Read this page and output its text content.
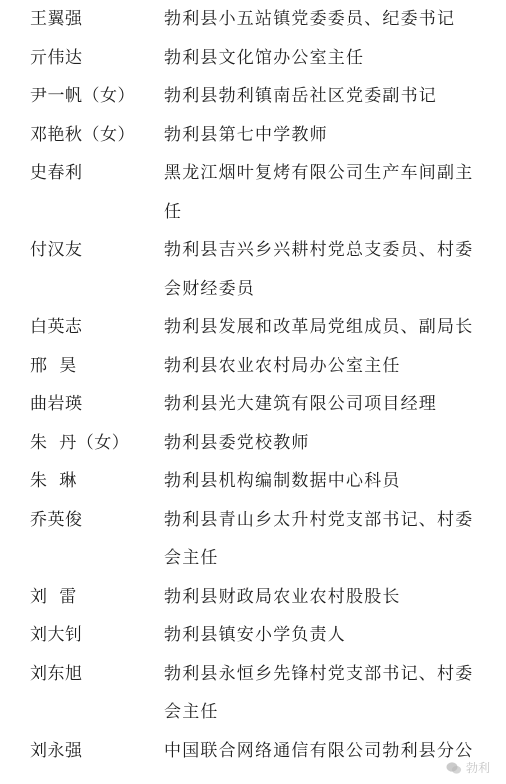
王翼强	勃利县小五站镇党委委员、纪委书记
亓伟达	勃利县文化馆办公室主任
尹一帆（女） 勃利县勃利镇南岳社区党委副书记
邓艳秋（女） 勃利县第七中学教师
史春利	黑龙江烟叶复烤有限公司生产车间副主任
付汉友	勃利县吉兴乡兴耕村党总支委员、村委会财经委员
白英志	勃利县发展和改革局党组成员、副局长
邢  昊	勃利县农业农村局办公室主任
曲岩瑛	勃利县光大建筑有限公司项目经理
朱  丹（女） 勃利县委党校教师
朱  琳	勃利县机构编制数据中心科员
乔英俊	勃利县青山乡太升村党支部书记、村委会主任
刘  雷	勃利县财政局农业农村股股长
刘大钊	勃利县镇安小学负责人
刘东旭	勃利县永恒乡先锋村党支部书记、村委会主任
刘永强	中国联合网络通信有限公司勃利县分公
勃利
